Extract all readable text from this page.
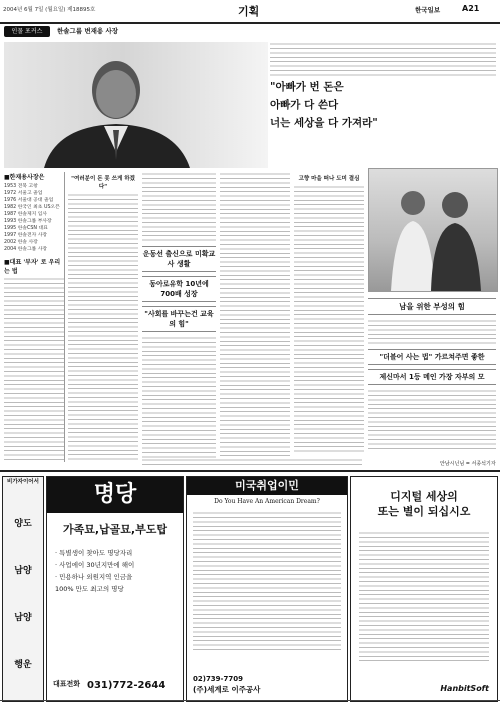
2004년 6월 7일 (월요일) 제18895호	기획	한국일보	A21
인물 포커스	한솔그룹 변재용 사장
"아빠가 번 돈은
아빠가 다 쓴다
너는 세상을 다 가져라"
■한재용사장은
1953 전북 고창
1972 서울고 졸업
1976 서울대 공대 졸업
1982 한국인 최초 US오픈
1987 한솔제지 입사
1993 한솔그룹 부사장
1995 한솔CSN 대표
1997 한솔전자 사장
2002 한솔 사장
2004 한솔그룹 사장
■대표 '부자' 로 우리는 법
"여러분이 돈 못 쓰게 하겠다"
운동선 출신으로 미확교사 생활
동아로유학 10년에 700배 성장
"사회를 바꾸는건 교육의 힘"
고향 마을 떠나 도미 결심
남을 위한 부성의 힘
"더블어 사는 법" 가르쳐주면 좋한
제신마서 1등 메인 가장 자부의 모
안남시닌님 = 서종석기자
비가자이어서
양도
남양
남양
행운
명당
가족묘,납골묘,부도탑
· 특별생이 찾아도 명당자리
· 사업에이 30년지만에 해이
· 민용하나 외원지역 인금을
100% 만도 최고의 명당
대표전화 031)772-2644
미국취업이민
Do You Have An American Dream?
02)739-7709
(주)세계로 이주공사
디지털 세상의
또는 별이 되십시오
HanbitSoft
